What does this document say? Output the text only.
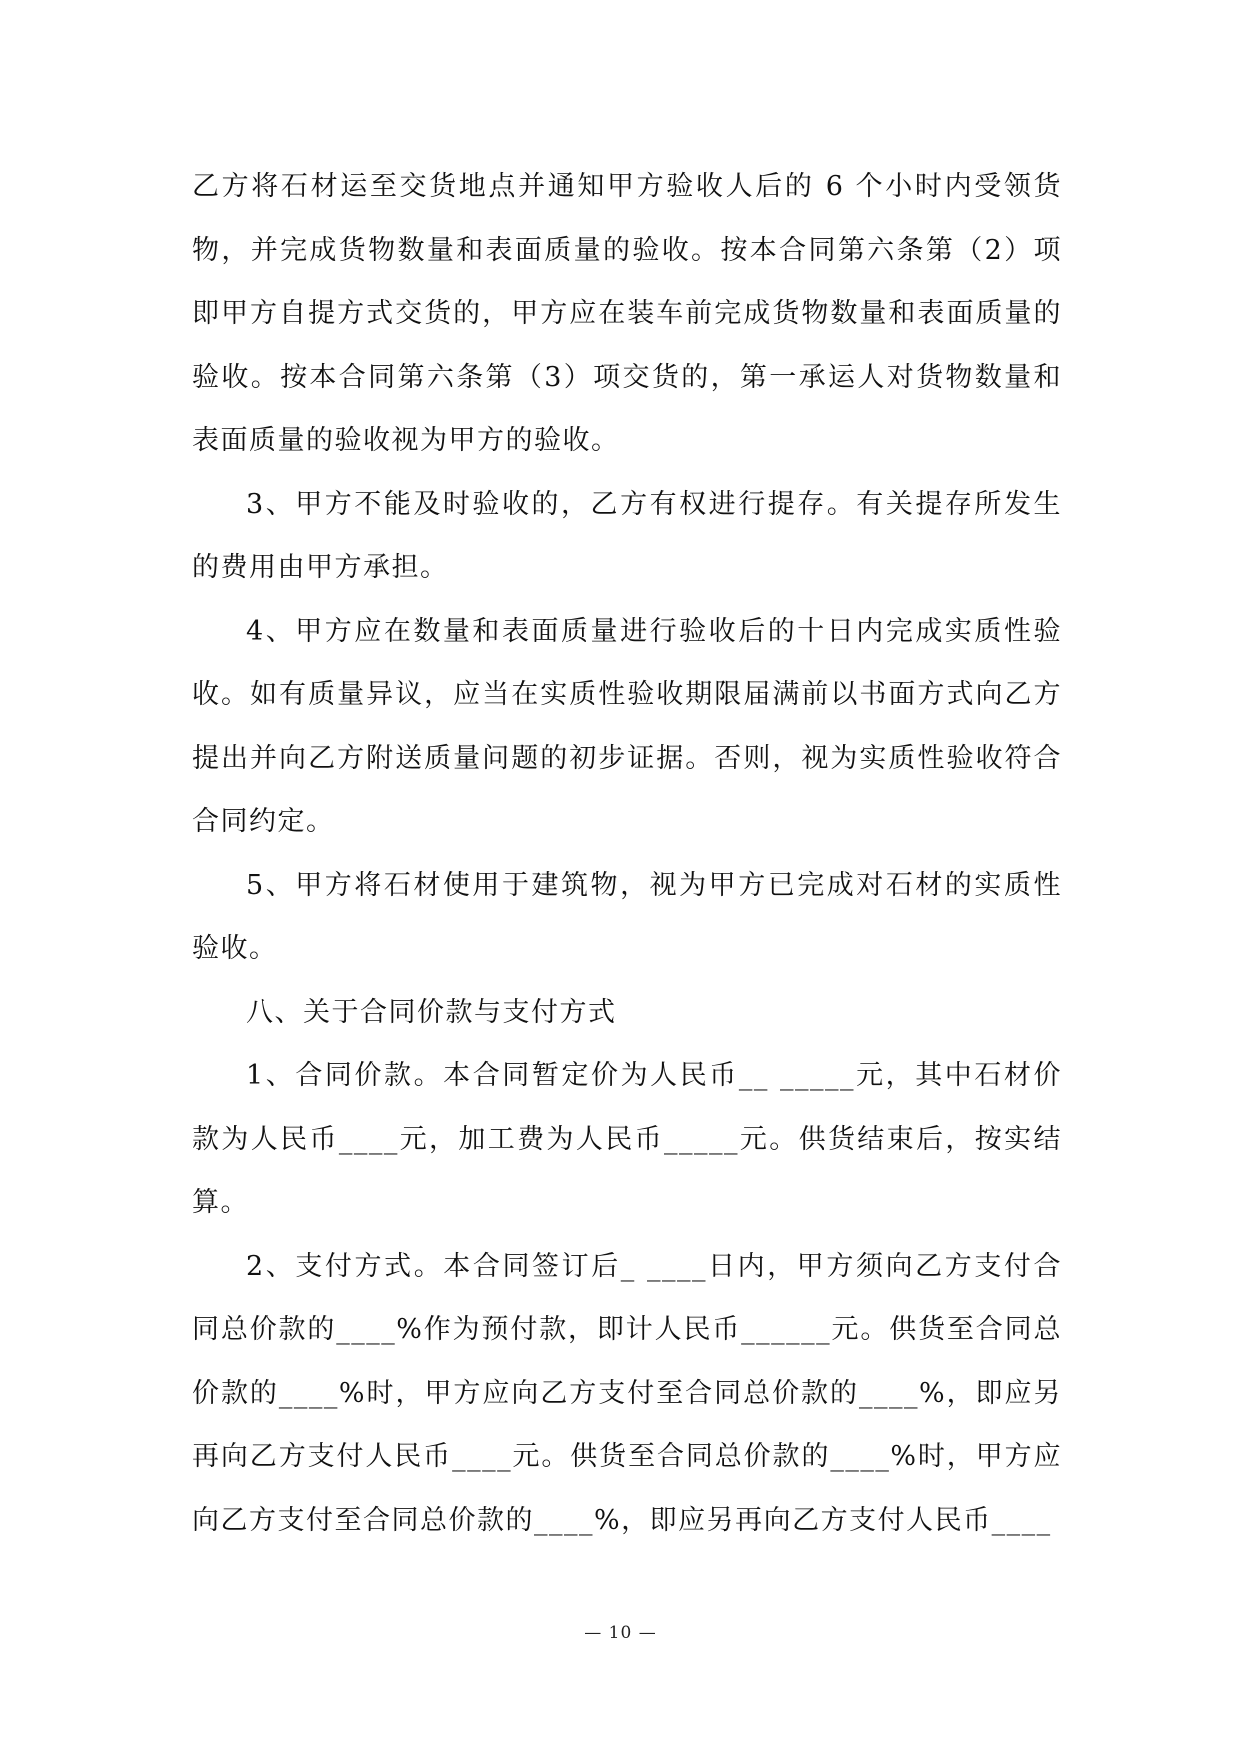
乙方将石材运至交货地点并通知甲方验收人后的 6 个小时内受领货物，并完成货物数量和表面质量的验收。按本合同第六条第（2）项即甲方自提方式交货的，甲方应在装车前完成货物数量和表面质量的验收。按本合同第六条第（3）项交货的，第一承运人对货物数量和表面质量的验收视为甲方的验收。

3、甲方不能及时验收的，乙方有权进行提存。有关提存所发生的费用由甲方承担。

4、甲方应在数量和表面质量进行验收后的十日内完成实质性验收。如有质量异议，应当在实质性验收期限届满前以书面方式向乙方提出并向乙方附送质量问题的初步证据。否则，视为实质性验收符合合同约定。

5、甲方将石材使用于建筑物，视为甲方已完成对石材的实质性验收。

八、关于合同价款与支付方式

1、合同价款。本合同暂定价为人民币__ _____元，其中石材价款为人民币____元，加工费为人民币_____元。供货结束后，按实结算。

2、支付方式。本合同签订后_ ____日内，甲方须向乙方支付合同总价款的____%作为预付款，即计人民币______元。供货至合同总价款的____%时，甲方应向乙方支付至合同总价款的____%，即应另再向乙方支付人民币____元。供货至合同总价款的____%时，甲方应向乙方支付至合同总价款的____%，即应另再向乙方支付人民币____

— 10 —
